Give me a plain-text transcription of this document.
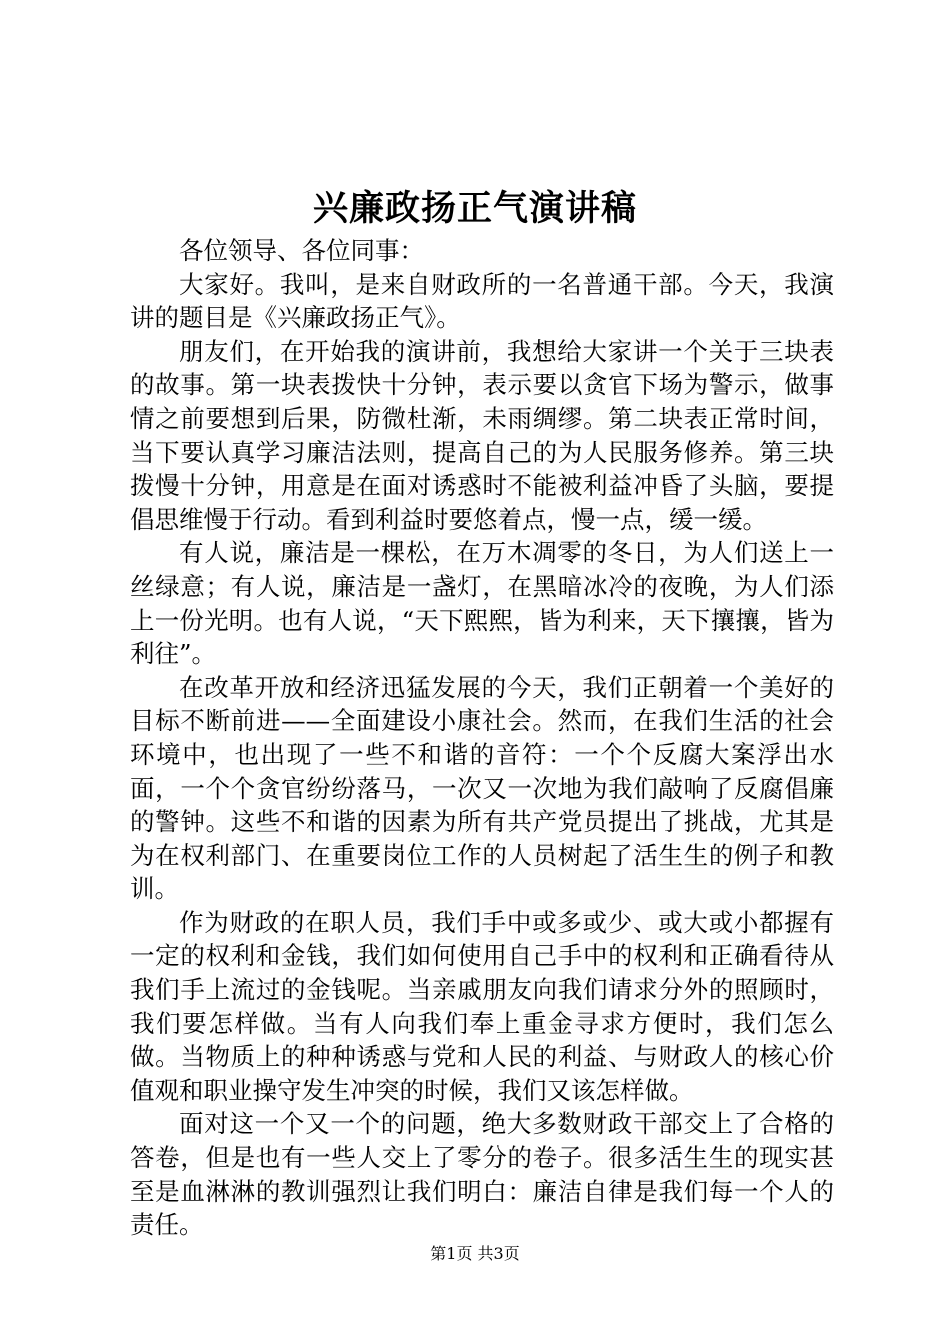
兴廉政扬正气演讲稿

各位领导、各位同事：

大家好。我叫，是来自财政所的一名普通干部。今天，我演讲的题目是《兴廉政扬正气》。

朋友们，在开始我的演讲前，我想给大家讲一个关于三块表的故事。第一块表拨快十分钟，表示要以贪官下场为警示，做事情之前要想到后果，防微杜渐，未雨绸缪。第二块表正常时间，当下要认真学习廉洁法则，提高自己的为人民服务修养。第三块拨慢十分钟，用意是在面对诱惑时不能被利益冲昏了头脑，要提倡思维慢于行动。看到利益时要悠着点，慢一点，缓一缓。

有人说，廉洁是一棵松，在万木凋零的冬日，为人们送上一丝绿意；有人说，廉洁是一盏灯，在黑暗冰冷的夜晚，为人们添上一份光明。也有人说，“天下熙熙，皆为利来，天下攘攘，皆为利往”。

在改革开放和经济迅猛发展的今天，我们正朝着一个美好的目标不断前进——全面建设小康社会。然而，在我们生活的社会环境中，也出现了一些不和谐的音符：一个个反腐大案浮出水面，一个个贪官纷纷落马，一次又一次地为我们敲响了反腐倡廉的警钟。这些不和谐的因素为所有共产党员提出了挑战，尤其是为在权利部门、在重要岗位工作的人员树起了活生生的例子和教训。

作为财政的在职人员，我们手中或多或少、或大或小都握有一定的权利和金钱，我们如何使用自己手中的权利和正确看待从我们手上流过的金钱呢。当亲戚朋友向我们请求分外的照顾时，我们要怎样做。当有人向我们奉上重金寻求方便时，我们怎么做。当物质上的种种诱惑与党和人民的利益、与财政人的核心价值观和职业操守发生冲突的时候，我们又该怎样做。

面对这一个又一个的问题，绝大多数财政干部交上了合格的答卷，但是也有一些人交上了零分的卷子。很多活生生的现实甚至是血淋淋的教训强烈让我们明白：廉洁自律是我们每一个人的责任。

第1页 共3页
